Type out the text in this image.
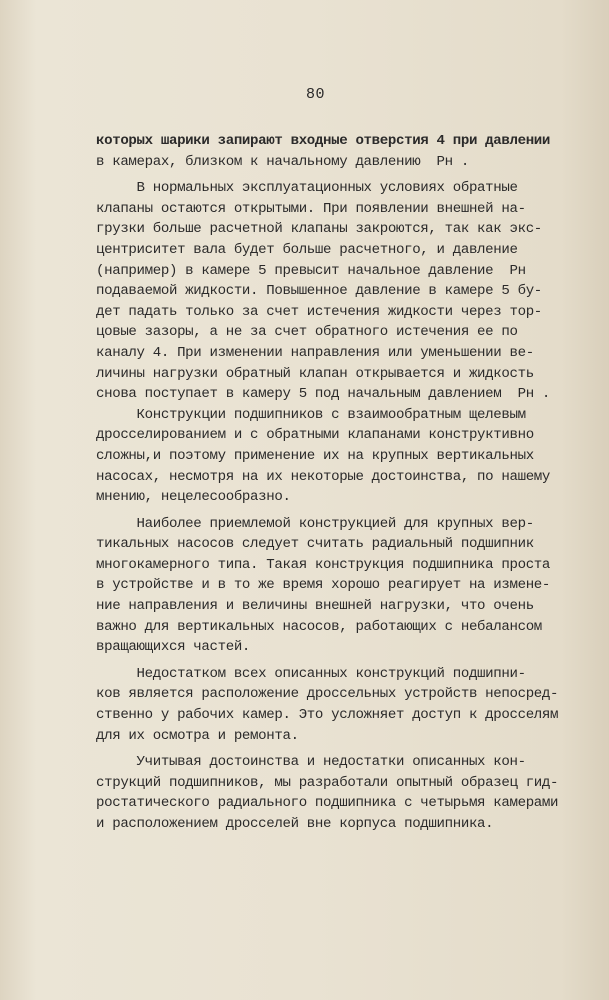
80
которых шарики запирают входные отверстия 4 при давлении
в камерах, близком к начальному давлению  Pн .
В нормальных эксплуатационных условиях обратные
клапаны остаются открытыми. При появлении внешней на-
грузки больше расчетной клапаны закроются, так как экс-
центриситет вала будет больше расчетного, и давление
(например) в камере 5 превысит начальное давление  Pн
подаваемой жидкости. Повышенное давление в камере 5 бу-
дет падать только за счет истечения жидкости через тор-
цовые зазоры, а не за счет обратного истечения ее по
каналу 4. При изменении направления или уменьшении ве-
личины нагрузки обратный клапан открывается и жидкость
снова поступает в камеру 5 под начальным давлением  Pн .
Конструкции подшипников с взаимообратным щелевым
дросселированием и с обратными клапанами конструктивно
сложны,и поэтому применение их на крупных вертикальных
насосах, несмотря на их некоторые достоинства, по нашему
мнению, нецелесообразно.
Наиболее приемлемой конструкцией для крупных вер-
тикальных насосов следует считать радиальный подшипник
многокамерного типа. Такая конструкция подшипника проста
в устройстве и в то же время хорошо реагирует на измене-
ние направления и величины внешней нагрузки, что очень
важно для вертикальных насосов, работающих с небалансом
вращающихся частей.
Недостатком всех описанных конструкций подшипни-
ков является расположение дроссельных устройств непосред-
ственно у рабочих камер. Это усложняет доступ к дросселям
для их осмотра и ремонта.
Учитывая достоинства и недостатки описанных кон-
струкций подшипников, мы разработали опытный образец гид-
ростатического радиального подшипника с четырьмя камерами
и расположением дросселей вне корпуса подшипника.
